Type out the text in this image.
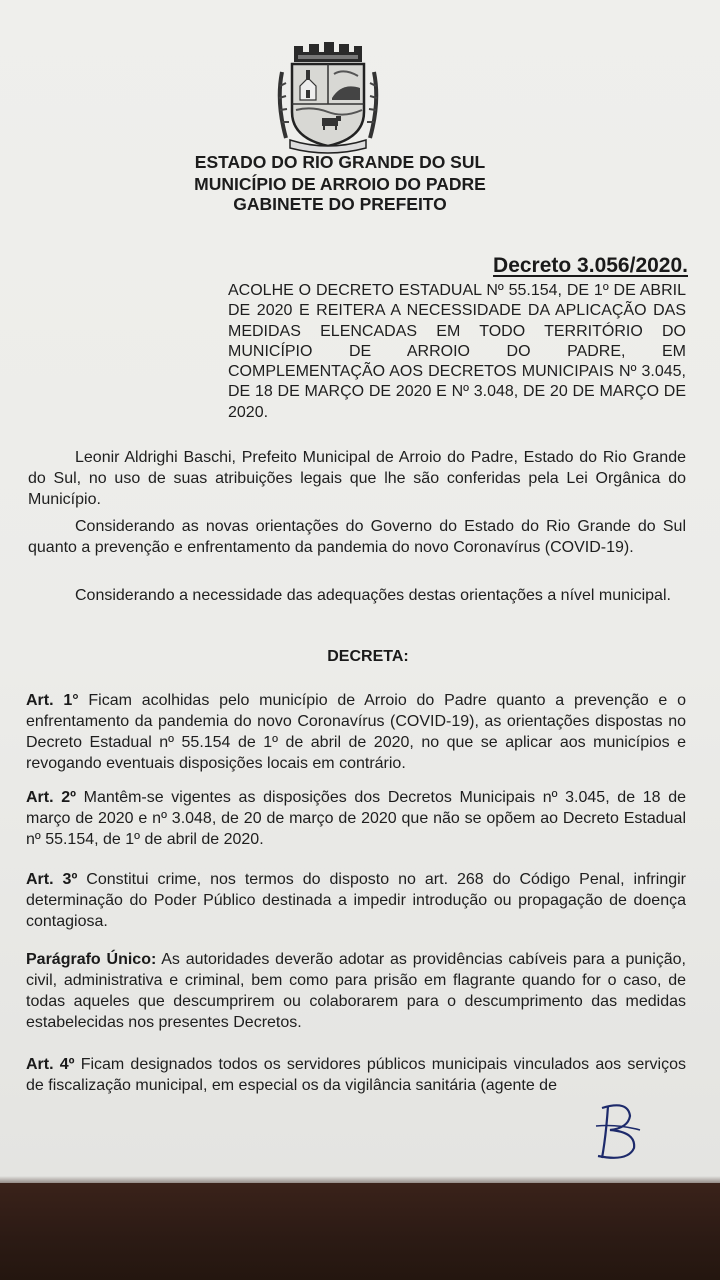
ESTADO DO RIO GRANDE DO SUL
MUNICÍPIO DE ARROIO DO PADRE
GABINETE DO PREFEITO
Decreto 3.056/2020.
ACOLHE O DECRETO ESTADUAL Nº 55.154, DE 1º DE ABRIL DE 2020 E REITERA A NECESSIDADE DA APLICAÇÃO DAS MEDIDAS ELENCADAS EM TODO TERRITÓRIO DO MUNICÍPIO DE ARROIO DO PADRE, EM COMPLEMENTAÇÃO AOS DECRETOS MUNICIPAIS Nº 3.045, DE 18 DE MARÇO DE 2020 E Nº 3.048, DE 20 DE MARÇO DE 2020.
Leonir Aldrighi Baschi, Prefeito Municipal de Arroio do Padre, Estado do Rio Grande do Sul, no uso de suas atribuições legais que lhe são conferidas pela Lei Orgânica do Município.
Considerando as novas orientações do Governo do Estado do Rio Grande do Sul quanto a prevenção e enfrentamento da pandemia do novo Coronavírus (COVID-19).
Considerando a necessidade das adequações destas orientações a nível municipal.
DECRETA:
Art. 1° Ficam acolhidas pelo município de Arroio do Padre quanto a prevenção e o enfrentamento da pandemia do novo Coronavírus (COVID-19), as orientações dispostas no Decreto Estadual nº 55.154 de 1º de abril de 2020, no que se aplicar aos municípios e revogando eventuais disposições locais em contrário.
Art. 2º Mantêm-se vigentes as disposições dos Decretos Municipais nº 3.045, de 18 de março de 2020 e nº 3.048, de 20 de março de 2020 que não se opõem ao Decreto Estadual nº 55.154, de 1º de abril de 2020.
Art. 3º Constitui crime, nos termos do disposto no art. 268 do Código Penal, infringir determinação do Poder Público destinada a impedir introdução ou propagação de doença contagiosa.
Parágrafo Único: As autoridades deverão adotar as providências cabíveis para a punição, civil, administrativa e criminal, bem como para prisão em flagrante quando for o caso, de todas aqueles que descumprirem ou colaborarem para o descumprimento das medidas estabelecidas nos presentes Decretos.
Art. 4º Ficam designados todos os servidores públicos municipais vinculados aos serviços de fiscalização municipal, em especial os da vigilância sanitária (agente de
